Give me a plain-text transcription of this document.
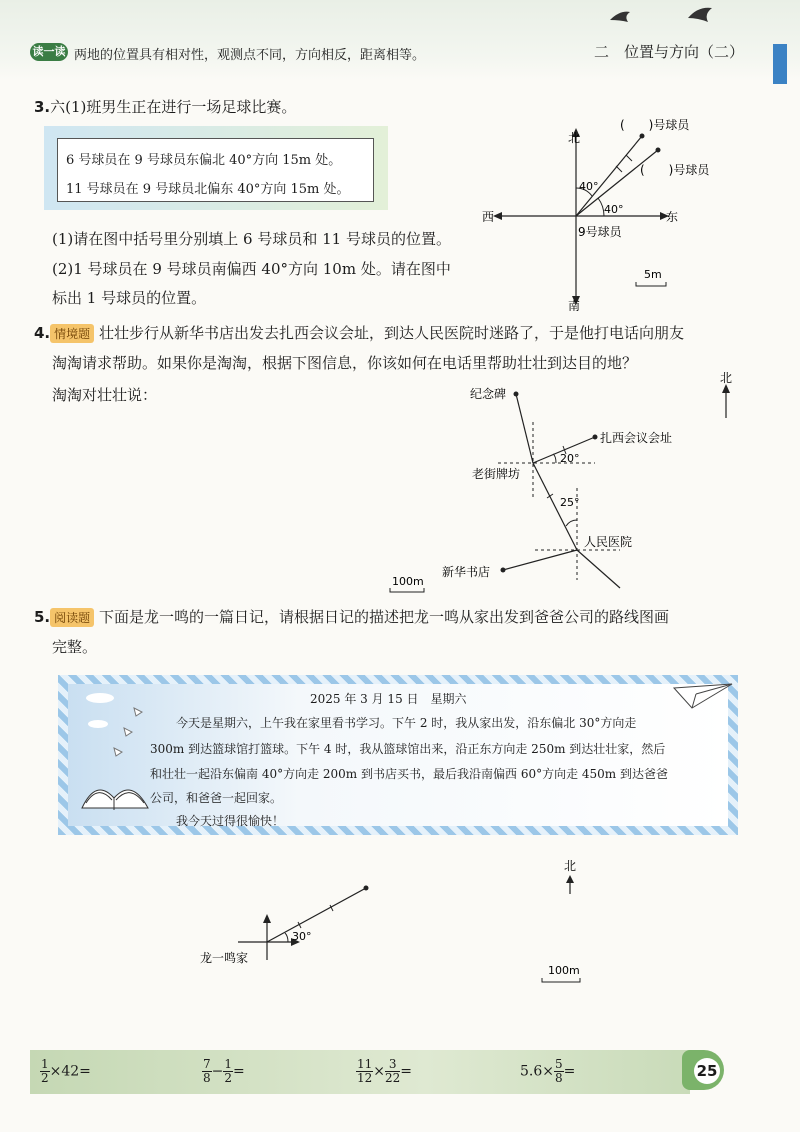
读一读 两地的位置具有相对性，观测点不同，方向相反，距离相等。	二　位置与方向（二）
3.六(1)班男生正在进行一场足球比赛。
6 号球员在 9 号球员东偏北 40°方向 15m 处。
11 号球员在 9 号球员北偏东 40°方向 15m 处。
(1)请在图中括号里分别填上 6 号球员和 11 号球员的位置。
(2)1 号球员在 9 号球员南偏西 40°方向 10m 处。请在图中
标出 1 号球员的位置。
北
南
西	东
9号球员
(　　)号球员
(　　)号球员
40°
40°
5m
4. 情境题 壮壮步行从新华书店出发去扎西会议会址，到达人民医院时迷路了，于是他打电话向朋友
淘淘请求帮助。如果你是淘淘，根据下图信息，你该如何在电话里帮助壮壮到达目的地？
淘淘对壮壮说：
北
纪念碑
扎西会议会址
老街牌坊
人民医院
新华书店
20°
25°
100m
5. 阅读题 下面是龙一鸣的一篇日记，请根据日记的描述把龙一鸣从家出发到爸爸公司的路线图画
完整。
2025 年 3 月 15 日　星期六
今天是星期六，上午我在家里看书学习。下午 2 时，我从家出发，沿东偏北 30°方向走
300m 到达篮球馆打篮球。下午 4 时，我从篮球馆出来，沿正东方向走 250m 到达壮壮家，然后
和壮壮一起沿东偏南 40°方向走 200m 到书店买书，最后我沿南偏西 60°方向走 450m 到达爸爸
公司，和爸爸一起回家。
我今天过得很愉快！
北
30°
龙一鸣家
100m
$\frac{1}{2} \times 42=$	$\frac{7}{8} - \frac{1}{2}$ =	$\frac{11}{12} \times \frac{3}{22}$ =	$5.6\times \frac{5}{8}$ =	25
